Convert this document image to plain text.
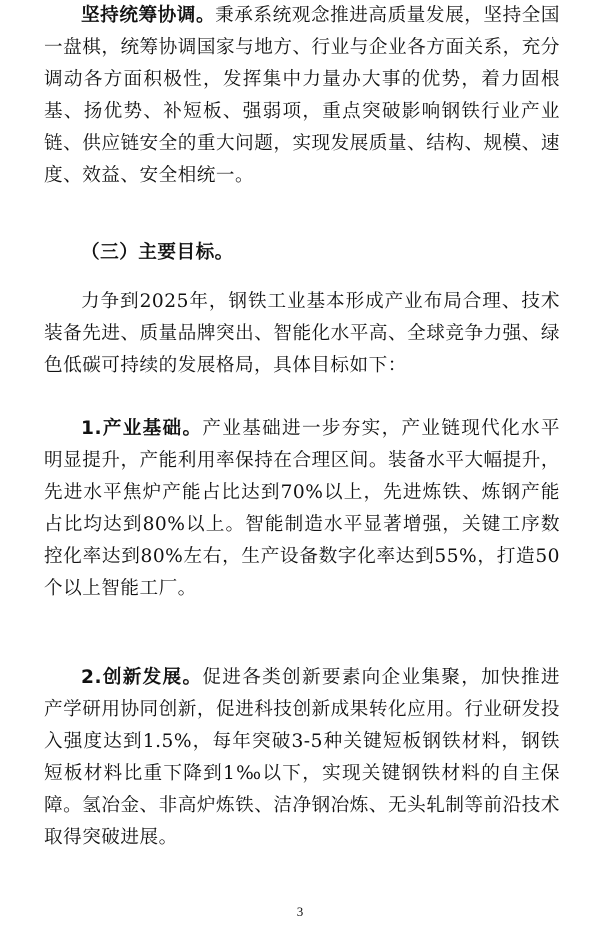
坚持统筹协调。秉承系统观念推进高质量发展，坚持全国一盘棋，统筹协调国家与地方、行业与企业各方面关系，充分调动各方面积极性，发挥集中力量办大事的优势，着力固根基、扬优势、补短板、强弱项，重点突破影响钢铁行业产业链、供应链安全的重大问题，实现发展质量、结构、规模、速度、效益、安全相统一。

（三）主要目标。

力争到2025年，钢铁工业基本形成产业布局合理、技术装备先进、质量品牌突出、智能化水平高、全球竞争力强、绿色低碳可持续的发展格局，具体目标如下：

1.产业基础。产业基础进一步夯实，产业链现代化水平明显提升，产能利用率保持在合理区间。装备水平大幅提升，先进水平焦炉产能占比达到70%以上，先进炼铁、炼钢产能占比均达到80%以上。智能制造水平显著增强，关键工序数控化率达到80%左右，生产设备数字化率达到55%，打造50个以上智能工厂。

2.创新发展。促进各类创新要素向企业集聚，加快推进产学研用协同创新，促进科技创新成果转化应用。行业研发投入强度达到1.5%，每年突破3-5种关键短板钢铁材料，钢铁短板材料比重下降到1‰以下，实现关键钢铁材料的自主保障。氢冶金、非高炉炼铁、洁净钢冶炼、无头轧制等前沿技术取得突破进展。

3
